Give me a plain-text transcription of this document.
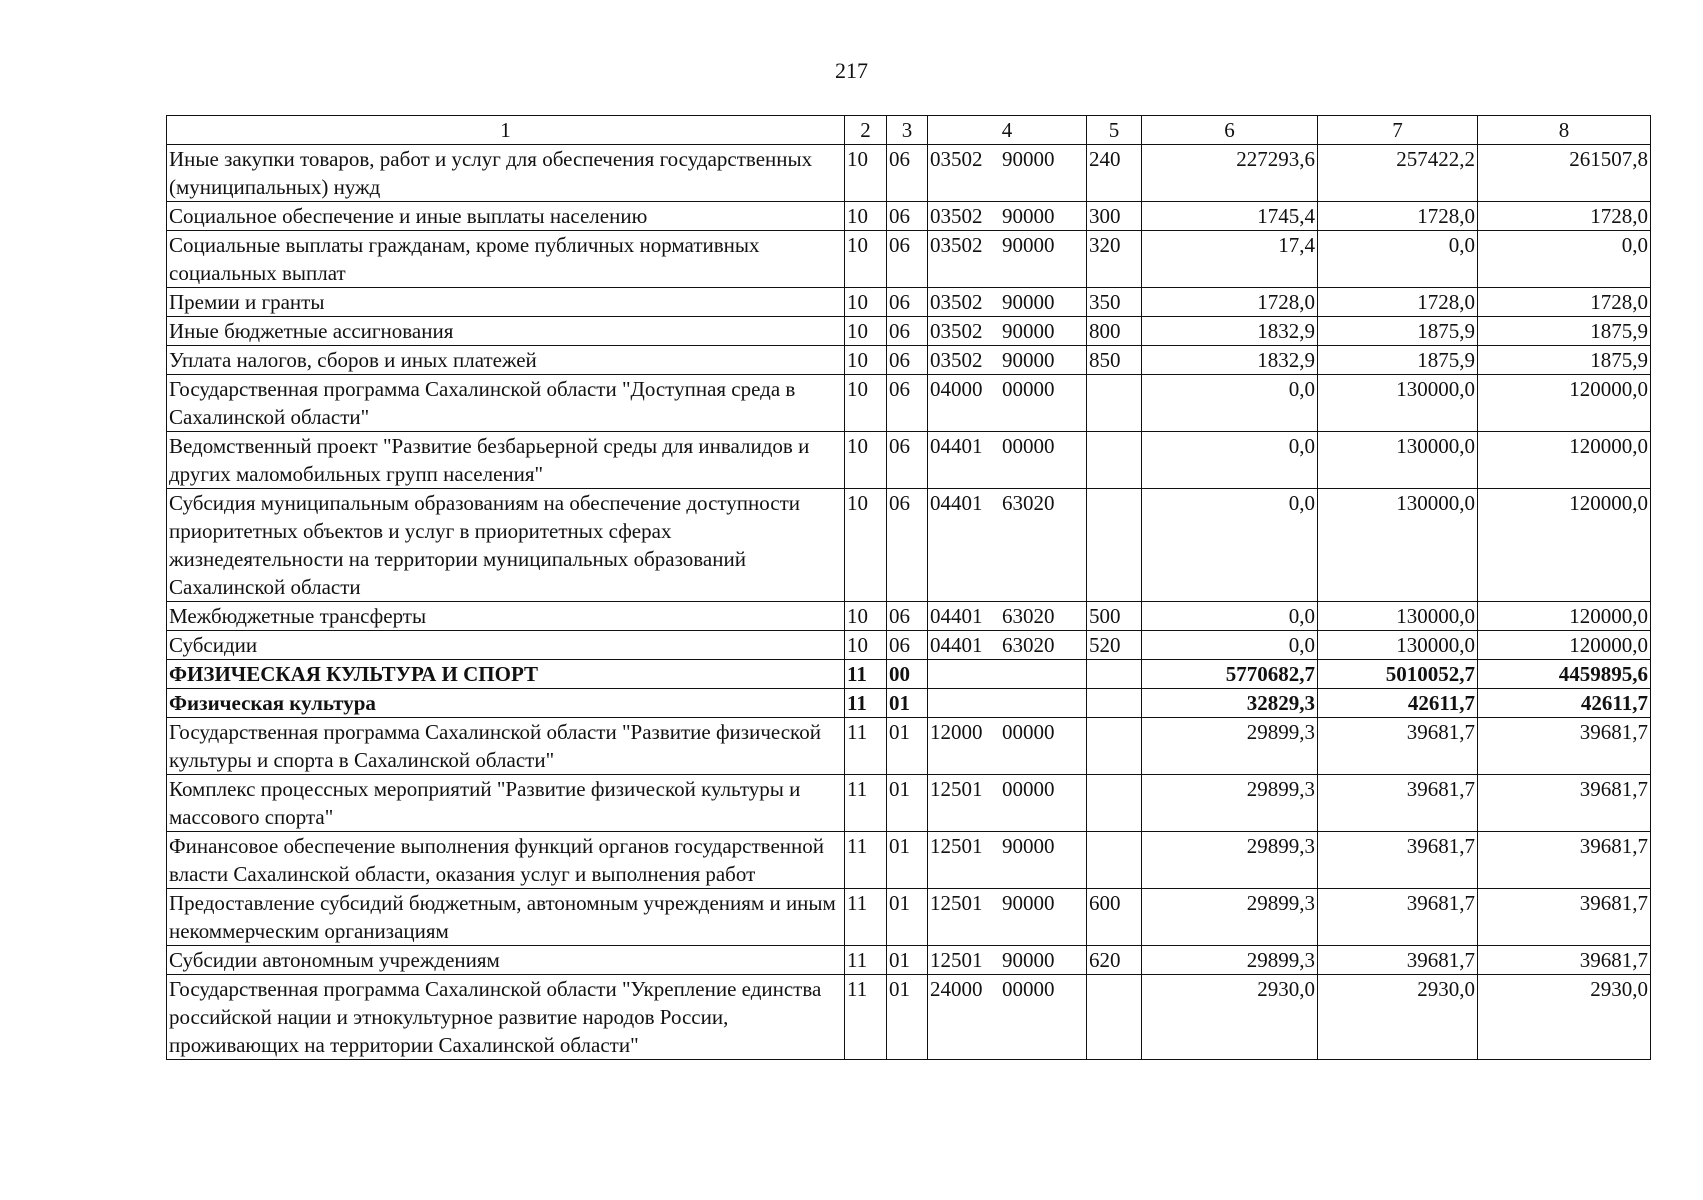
217
1	2	3	4	5	6	7	8
Иные закупки товаров, работ и услуг для обеспечения государственных (муниципальных) нужд	10	06	03502 90000	240	227293,6	257422,2	261507,8
Социальное обеспечение и иные выплаты населению	10	06	03502 90000	300	1745,4	1728,0	1728,0
Социальные выплаты гражданам, кроме публичных нормативных социальных выплат	10	06	03502 90000	320	17,4	0,0	0,0
Премии и гранты	10	06	03502 90000	350	1728,0	1728,0	1728,0
Иные бюджетные ассигнования	10	06	03502 90000	800	1832,9	1875,9	1875,9
Уплата налогов, сборов и иных платежей	10	06	03502 90000	850	1832,9	1875,9	1875,9
Государственная программа Сахалинской области "Доступная среда в Сахалинской области"	10	06	04000 00000		0,0	130000,0	120000,0
Ведомственный проект "Развитие безбарьерной среды для инвалидов и других маломобильных групп населения"	10	06	04401 00000		0,0	130000,0	120000,0
Субсидия муниципальным образованиям на обеспечение доступности приоритетных объектов и услуг в приоритетных сферах жизнедеятельности на территории муниципальных образований Сахалинской области	10	06	04401 63020		0,0	130000,0	120000,0
Межбюджетные трансферты	10	06	04401 63020	500	0,0	130000,0	120000,0
Субсидии	10	06	04401 63020	520	0,0	130000,0	120000,0
ФИЗИЧЕСКАЯ КУЛЬТУРА И СПОРТ	11	00			5770682,7	5010052,7	4459895,6
Физическая культура	11	01			32829,3	42611,7	42611,7
Государственная программа Сахалинской области "Развитие физической культуры и спорта в Сахалинской области"	11	01	12000 00000		29899,3	39681,7	39681,7
Комплекс процессных мероприятий "Развитие физической культуры и массового спорта"	11	01	12501 00000		29899,3	39681,7	39681,7
Финансовое обеспечение выполнения функций органов государственной власти Сахалинской области, оказания услуг и выполнения работ	11	01	12501 90000		29899,3	39681,7	39681,7
Предоставление субсидий бюджетным, автономным учреждениям и иным некоммерческим организациям	11	01	12501 90000	600	29899,3	39681,7	39681,7
Субсидии автономным учреждениям	11	01	12501 90000	620	29899,3	39681,7	39681,7
Государственная программа Сахалинской области "Укрепление единства российской нации и этнокультурное развитие народов России, проживающих на территории Сахалинской области"	11	01	24000 00000		2930,0	2930,0	2930,0
